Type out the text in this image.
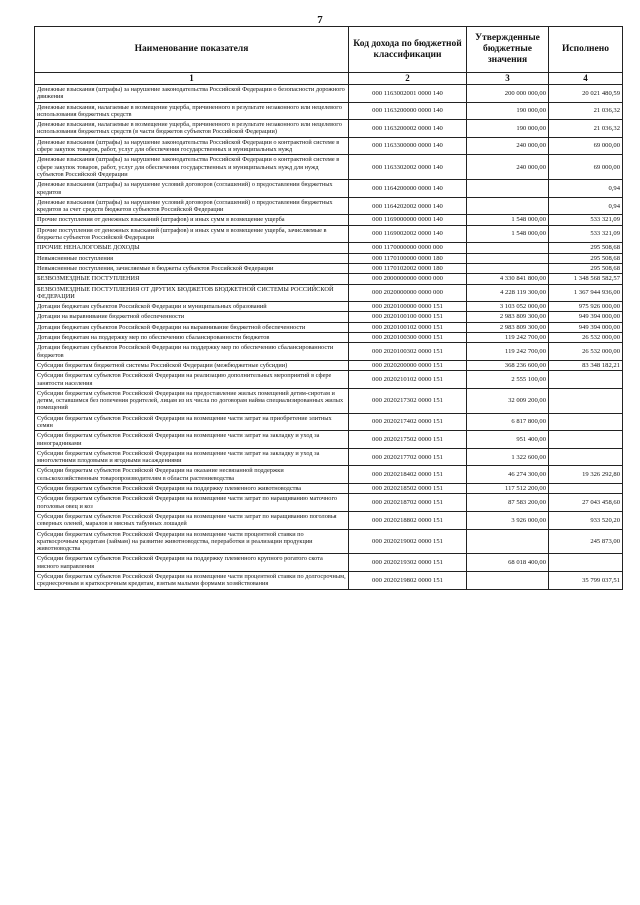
7
Наименование показателя	Код дохода по бюджетной классификации	Утвержденные бюджетные значения	Исполнено
1	2	3	4
Денежные взыскания (штрафы) за нарушение законодательства Российской Федерации о безопасности дорожного движения	000 1163002001 0000 140	200 000 000,00	20 021 480,59
Денежные взыскания, налагаемые в возмещение ущерба, причиненного в результате незаконного или нецелевого использования бюджетных средств	000 1163200000 0000 140	190 000,00	21 036,32
Денежные взыскания, налагаемые в возмещение ущерба, причиненного в результате незаконного или нецелевого использования бюджетных средств (в части бюджетов субъектов Российской Федерации)	000 1163200002 0000 140	190 000,00	21 036,32
Денежные взыскания (штрафы) за нарушение законодательства Российской Федерации о контрактной системе в сфере закупок товаров, работ, услуг для обеспечения государственных и муниципальных нужд	000 1163300000 0000 140	240 000,00	69 000,00
Денежные взыскания (штрафы) за нарушение законодательства Российской Федерации о контрактной системе в сфере закупок товаров, работ, услуг для обеспечения государственных и муниципальных нужд для нужд субъектов Российской Федерации	000 1163302002 0000 140	240 000,00	69 000,00
Денежные взыскания (штрафы) за нарушение условий договоров (соглашений) о предоставлении бюджетных кредитов	000 1164200000 0000 140		0,94
Денежные взыскания (штрафы) за нарушение условий договоров (соглашений) о предоставлении бюджетных кредитов за счет средств бюджетов субъектов Российской Федерации	000 1164202002 0000 140		0,94
Прочие поступления от денежных взысканий (штрафов) и иных сумм в возмещение ущерба	000 1169000000 0000 140	1 548 000,00	533 321,09
Прочие поступления от денежных взысканий (штрафов) и иных сумм в возмещение ущерба, зачисляемые в бюджеты субъектов Российской Федерации	000 1169002002 0000 140	1 548 000,00	533 321,09
ПРОЧИЕ НЕНАЛОГОВЫЕ ДОХОДЫ	000 1170000000 0000 000		295 508,68
Невыясненные поступления	000 1170100000 0000 180		295 508,68
Невыясненные поступления, зачисляемые в бюджеты субъектов Российской Федерации	000 1170102002 0000 180		295 508,68
БЕЗВОЗМЕЗДНЫЕ ПОСТУПЛЕНИЯ	000 2000000000 0000 000	4 330 841 800,00	1 348 568 582,57
БЕЗВОЗМЕЗДНЫЕ ПОСТУПЛЕНИЯ ОТ ДРУГИХ БЮДЖЕТОВ БЮДЖЕТНОЙ СИСТЕМЫ РОССИЙСКОЙ ФЕДЕРАЦИИ	000 2020000000 0000 000	4 228 119 300,00	1 367 944 936,00
Дотации бюджетам субъектов Российской Федерации и муниципальных образований	000 2020100000 0000 151	3 103 052 000,00	975 926 000,00
Дотации на выравнивание бюджетной обеспеченности	000 2020100100 0000 151	2 983 809 300,00	949 394 000,00
Дотации бюджетам субъектов Российской Федерации на выравнивание бюджетной обеспеченности	000 2020100102 0000 151	2 983 809 300,00	949 394 000,00
Дотации бюджетам на поддержку мер по обеспечению сбалансированности бюджетов	000 2020100300 0000 151	119 242 700,00	26 532 000,00
Дотации бюджетам субъектов Российской Федерации на поддержку мер по обеспечению сбалансированности бюджетов	000 2020100302 0000 151	119 242 700,00	26 532 000,00
Субсидии бюджетам бюджетной системы Российской Федерации (межбюджетные субсидии)	000 2020200000 0000 151	368 236 600,00	83 348 182,21
Субсидии бюджетам субъектов Российской Федерации на реализацию дополнительных мероприятий в сфере занятости населения	000 2020210102 0000 151	2 555 100,00	
Субсидии бюджетам субъектов Российской Федерации на предоставление жилых помещений детям-сиротам и детям, оставшимся без попечения родителей, лицам из их числа по договорам найма специализированных жилых помещений	000 2020217302 0000 151	32 009 200,00	
Субсидии бюджетам субъектов Российской Федерации на возмещение части затрат на приобретение элитных семян	000 2020217402 0000 151	6 817 800,00	
Субсидии бюджетам субъектов Российской Федерации на возмещение части затрат на закладку и уход за виноградниками	000 2020217502 0000 151	951 400,00	
Субсидии бюджетам субъектов Российской Федерации на возмещение части затрат на закладку и уход за многолетними плодовыми и ягодными насаждениями	000 2020217702 0000 151	1 322 600,00	
Субсидии бюджетам субъектов Российской Федерации на оказание несвязанной поддержки сельскохозяйственным товаропроизводителям в области растениеводства	000 2020218402 0000 151	46 274 300,00	19 326 292,80
Субсидии бюджетам субъектов Российской Федерации на поддержку племенного животноводства	000 2020218502 0000 151	117 512 200,00	
Субсидии бюджетам субъектов Российской Федерации на возмещение части затрат по наращиванию маточного поголовья овец и коз	000 2020218702 0000 151	87 583 200,00	27 043 458,60
Субсидии бюджетам субъектов Российской Федерации на возмещение части затрат по наращиванию поголовья северных оленей, маралов и мясных табунных лошадей	000 2020218802 0000 151	3 926 000,00	933 520,20
Субсидии бюджетам субъектов Российской Федерации на возмещение части процентной ставки по краткосрочным кредитам (займам) на развитие животноводства, переработки и реализации продукции животноводства	000 2020219002 0000 151		245 873,00
Субсидии бюджетам субъектов Российской Федерации на поддержку племенного крупного рогатого скота мясного направления	000 2020219302 0000 151	68 018 400,00	
Субсидии бюджетам субъектов Российской Федерации на возмещение части процентной ставки по долгосрочным, среднесрочным и краткосрочным кредитам, взятым малыми формами хозяйствования	000 2020219802 0000 151		35 799 037,51
